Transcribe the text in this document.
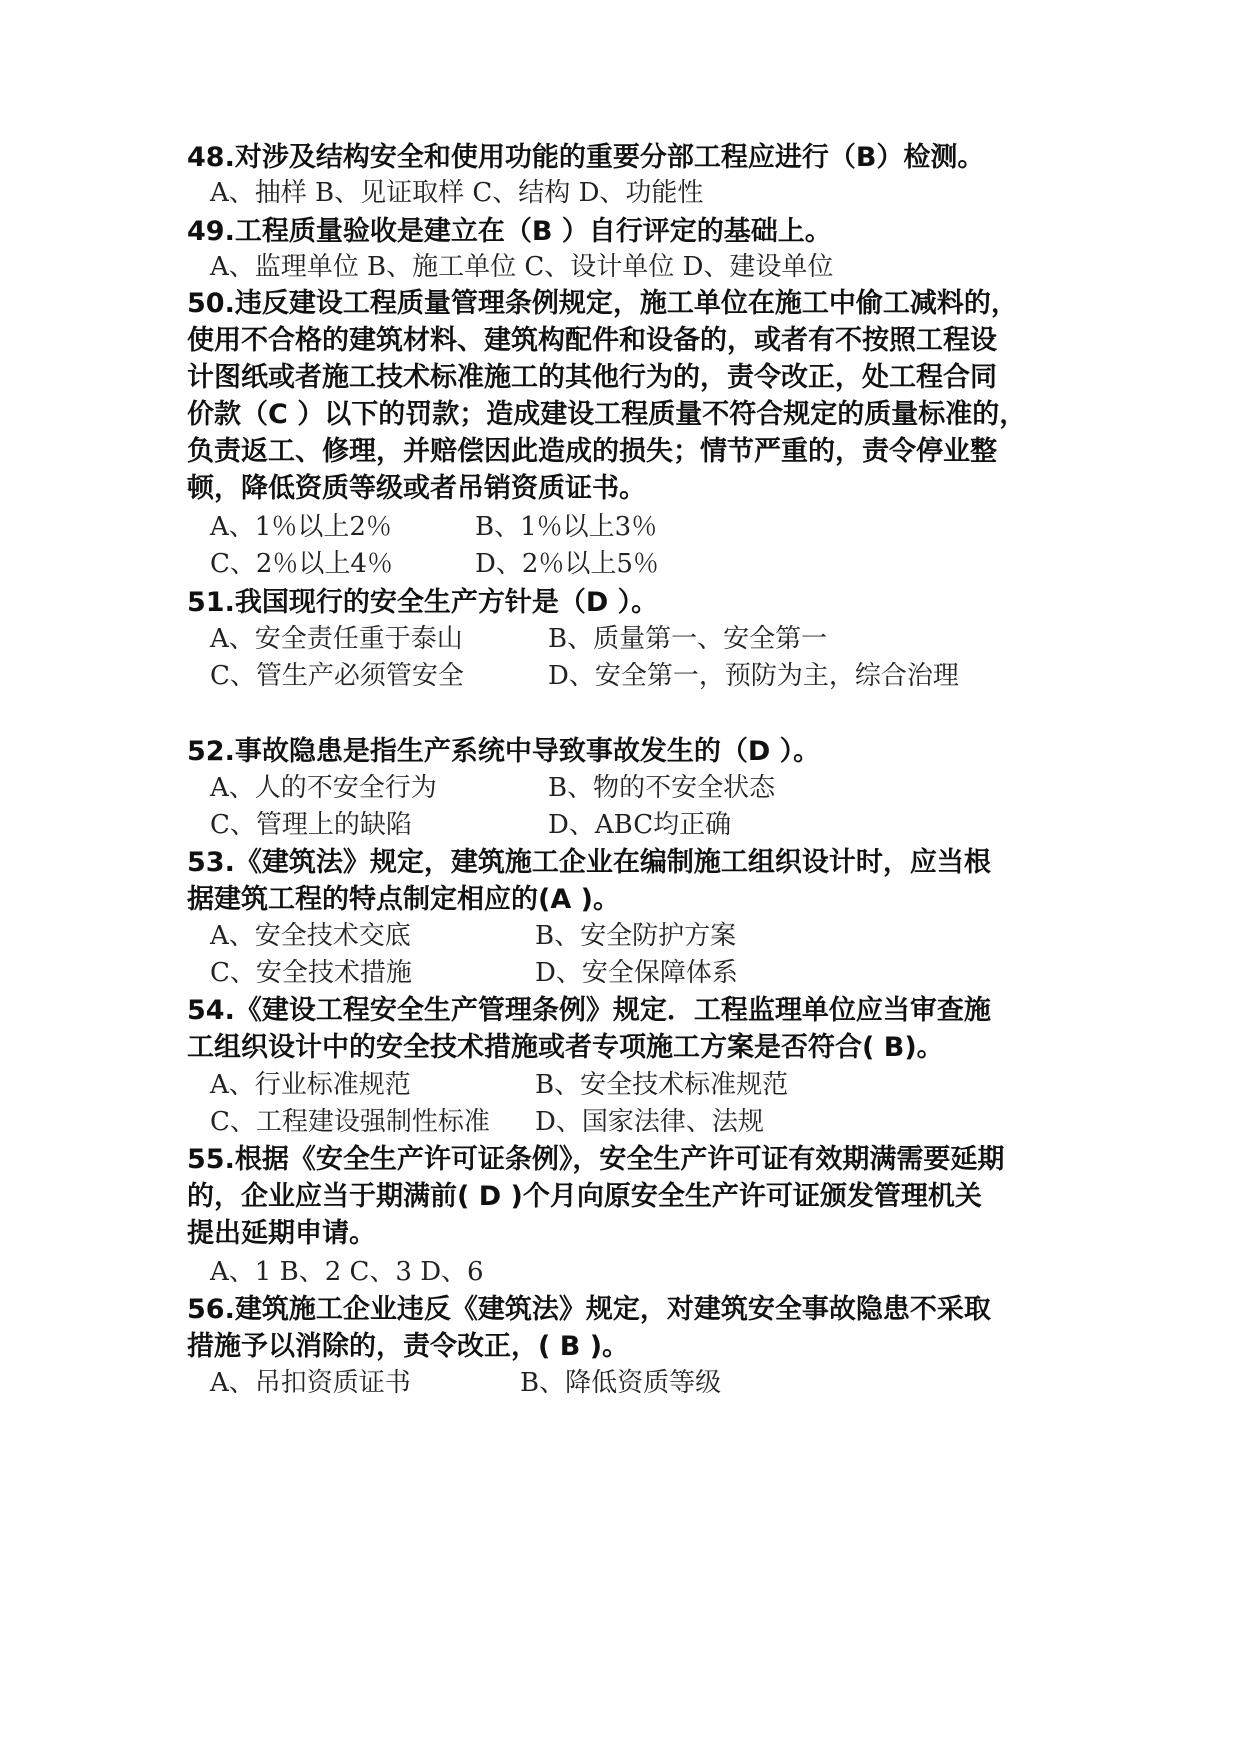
48.对涉及结构安全和使用功能的重要分部工程应进行（B）检测。
A、抽样 B、见证取样 C、结构 D、功能性
49.工程质量验收是建立在（B ）自行评定的基础上。
A、监理单位 B、施工单位 C、设计单位 D、建设单位
50.违反建设工程质量管理条例规定，施工单位在施工中偷工减料的，
使用不合格的建筑材料、建筑构配件和设备的，或者有不按照工程设
计图纸或者施工技术标准施工的其他行为的，责令改正，处工程合同
价款（C ）以下的罚款；造成建设工程质量不符合规定的质量标准的，
负责返工、修理，并赔偿因此造成的损失；情节严重的，责令停业整
顿，降低资质等级或者吊销资质证书。
A、1％以上2％	B、1％以上3％
C、2％以上4％	D、2％以上5％
51.我国现行的安全生产方针是（D ）。
A、安全责任重于泰山	B、质量第一、安全第一
C、管生产必须管安全	D、安全第一，预防为主，综合治理
52.事故隐患是指生产系统中导致事故发生的（D ）。
A、人的不安全行为	B、物的不安全状态
C、管理上的缺陷	D、ABC均正确
53.《建筑法》规定，建筑施工企业在编制施工组织设计时，应当根
据建筑工程的特点制定相应的(A )。
A、安全技术交底	B、安全防护方案
C、安全技术措施	D、安全保障体系
54.《建设工程安全生产管理条例》规定．工程监理单位应当审查施
工组织设计中的安全技术措施或者专项施工方案是否符合( B)。
A、行业标准规范	B、安全技术标准规范
C、工程建设强制性标准 D、国家法律、法规
55.根据《安全生产许可证条例》，安全生产许可证有效期满需要延期
的，企业应当于期满前( D )个月向原安全生产许可证颁发管理机关
提出延期申请。
A、1 B、2 C、3 D、6
56.建筑施工企业违反《建筑法》规定，对建筑安全事故隐患不采取
措施予以消除的，责令改正，( B )。
A、吊扣资质证书	B、降低资质等级
